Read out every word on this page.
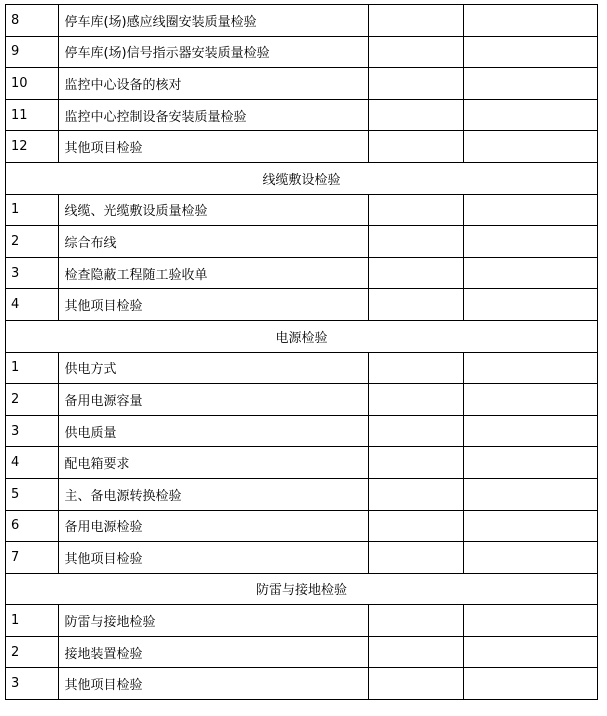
8	停车库(场)感应线圈安装质量检验		
9	停车库(场)信号指示器安装质量检验		
10	监控中心设备的核对		
11	监控中心控制设备安装质量检验		
12	其他项目检验		
线缆敷设检验			
1	线缆、光缆敷设质量检验		
2	综合布线		
3	检查隐蔽工程随工验收单		
4	其他项目检验		
电源检验			
1	供电方式		
2	备用电源容量		
3	供电质量		
4	配电箱要求		
5	主、备电源转换检验		
6	备用电源检验		
7	其他项目检验		
防雷与接地检验			
1	防雷与接地检验		
2	接地装置检验		
3	其他项目检验		
